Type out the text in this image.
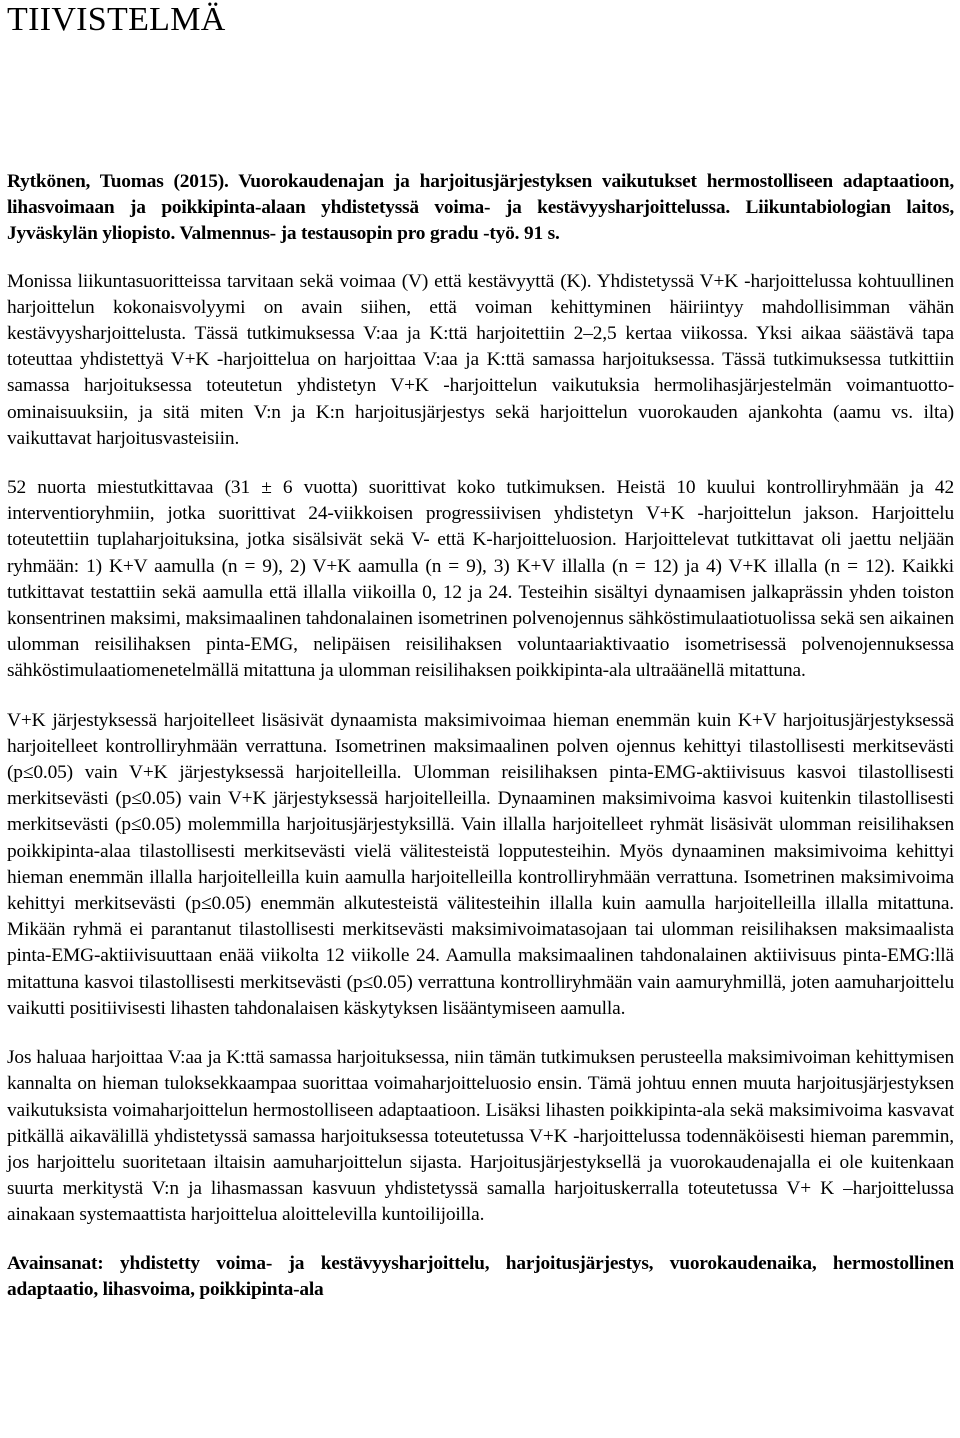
TIIVISTELMÄ

Rytkönen, Tuomas (2015). Vuorokaudenajan ja harjoitusjärjestyksen vaikutukset hermostolliseen adaptaatioon, lihasvoimaan ja poikkipinta-alaan yhdistetyssä voima- ja kestävyysharjoittelussa. Liikuntabiologian laitos, Jyväskylän yliopisto. Valmennus- ja testausopin pro gradu -työ. 91 s.

Monissa liikuntasuoritteissa tarvitaan sekä voimaa (V) että kestävyyttä (K). Yhdistetyssä V+K -harjoittelussa kohtuullinen harjoittelun kokonaisvolyymi on avain siihen, että voiman kehittyminen häiriintyy mahdollisimman vähän kestävyysharjoittelusta. Tässä tutkimuksessa V:aa ja K:ttä harjoitettiin 2–2,5 kertaa viikossa. Yksi aikaa säästävä tapa toteuttaa yhdistettyä V+K -harjoittelua on harjoittaa V:aa ja K:ttä samassa harjoituksessa. Tässä tutkimuksessa tutkittiin samassa harjoituksessa toteutetun yhdistetyn V+K -harjoittelun vaikutuksia hermolihasjärjestelmän voimantuotto-ominaisuuksiin, ja sitä miten V:n ja K:n harjoitusjärjestys sekä harjoittelun vuorokauden ajankohta (aamu vs. ilta) vaikuttavat harjoitusvasteisiin.

52 nuorta miestutkittavaa (31 ± 6 vuotta) suorittivat koko tutkimuksen. Heistä 10 kuului kontrolliryhmään ja 42 interventioryhmiin, jotka suorittivat 24-viikkoisen progressiivisen yhdistetyn V+K -harjoittelun jakson. Harjoittelu toteutettiin tuplaharjoituksina, jotka sisälsivät sekä V- että K-harjoitteluosion. Harjoittelevat tutkittavat oli jaettu neljään ryhmään: 1) K+V aamulla (n = 9), 2) V+K aamulla (n = 9), 3) K+V illalla (n = 12) ja 4) V+K illalla (n = 12). Kaikki tutkittavat testattiin sekä aamulla että illalla viikoilla 0, 12 ja 24. Testeihin sisältyi dynaamisen jalkaprässin yhden toiston konsentrinen maksimi, maksimaalinen tahdonalainen isometrinen polvenojennus sähköstimulaatiotuolissa sekä sen aikainen ulomman reisilihaksen pinta-EMG, nelipäisen reisilihaksen voluntaariaktivaatio isometrisessä polvenojennuksessa sähköstimulaatiomenetelmällä mitattuna ja ulomman reisilihaksen poikkipinta-ala ultraäänellä mitattuna.

V+K järjestyksessä harjoitelleet lisäsivät dynaamista maksimivoimaa hieman enemmän kuin K+V harjoitusjärjestyksessä harjoitelleet kontrolliryhmään verrattuna. Isometrinen maksimaalinen polven ojennus kehittyi tilastollisesti merkitsevästi (p≤0.05) vain V+K järjestyksessä harjoitelleilla. Ulomman reisilihaksen pinta-EMG-aktiivisuus kasvoi tilastollisesti merkitsevästi (p≤0.05) vain V+K järjestyksessä harjoitelleilla. Dynaaminen maksimivoima kasvoi kuitenkin tilastollisesti merkitsevästi (p≤0.05) molemmilla harjoitusjärjestyksillä. Vain illalla harjoitelleet ryhmät lisäsivät ulomman reisilihaksen poikkipinta-alaa tilastollisesti merkitsevästi vielä välitesteistä lopputesteihin. Myös dynaaminen maksimivoima kehittyi hieman enemmän illalla harjoitelleilla kuin aamulla harjoitelleilla kontrolliryhmään verrattuna. Isometrinen maksimivoima kehittyi merkitsevästi (p≤0.05) enemmän alkutesteistä välitesteihin illalla kuin aamulla harjoitelleilla illalla mitattuna. Mikään ryhmä ei parantanut tilastollisesti merkitsevästi maksimivoimatasojaan tai ulomman reisilihaksen maksimaalista pinta-EMG-aktiivisuuttaan enää viikolta 12 viikolle 24. Aamulla maksimaalinen tahdonalainen aktiivisuus pinta-EMG:llä mitattuna kasvoi tilastollisesti merkitsevästi (p≤0.05) verrattuna kontrolliryhmään vain aamuryhmillä, joten aamuharjoittelu vaikutti positiivisesti lihasten tahdonalaisen käskytyksen lisääntymiseen aamulla.

Jos haluaa harjoittaa V:aa ja K:ttä samassa harjoituksessa, niin tämän tutkimuksen perusteella maksimivoiman kehittymisen kannalta on hieman tuloksekkaampaa suorittaa voimaharjoitteluosio ensin. Tämä johtuu ennen muuta harjoitusjärjestyksen vaikutuksista voimaharjoittelun hermostolliseen adaptaatioon. Lisäksi lihasten poikkipinta-ala sekä maksimivoima kasvavat pitkällä aikavälillä yhdistetyssä samassa harjoituksessa toteutetussa V+K -harjoittelussa todennäköisesti hieman paremmin, jos harjoittelu suoritetaan iltaisin aamuharjoittelun sijasta. Harjoitusjärjestyksellä ja vuorokaudenajalla ei ole kuitenkaan suurta merkitystä V:n ja lihasmassan kasvuun yhdistetyssä samalla harjoituskerralla toteutetussa V+ K –harjoittelussa ainakaan systemaattista harjoittelua aloittelevilla kuntoilijoilla.

Avainsanat: yhdistetty voima- ja kestävyysharjoittelu, harjoitusjärjestys, vuorokaudenaika, hermostollinen adaptaatio, lihasvoima, poikkipinta-ala
